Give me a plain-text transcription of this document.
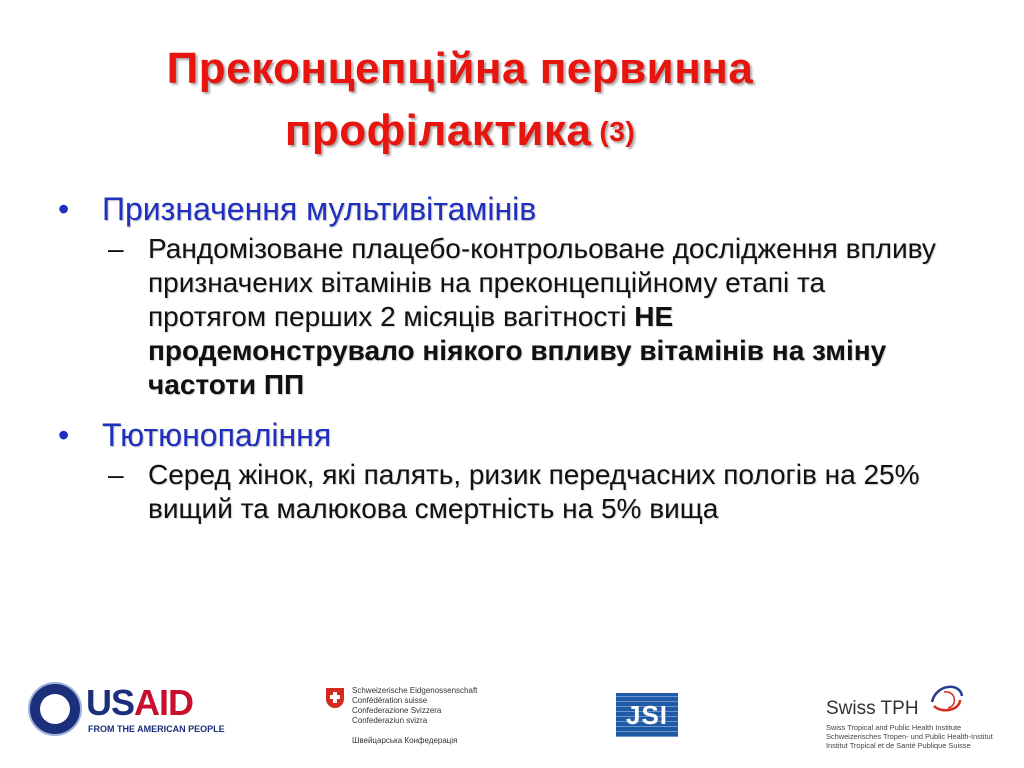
Преконцепційна первинна
профілактика (3)
•	Призначення мультивітамінів
– Рандомізоване плацебо-контрольоване дослідження впливу призначених вітамінів на преконцепційному етапі та протягом перших 2 місяців вагітності НЕ продемонструвало ніякого впливу вітамінів на зміну частоти ПП
•	Тютюнопаління
– Серед жінок, які палять, ризик передчасних пологів на 25% вищий та малюкова смертність на 5% вища
USAID
FROM THE AMERICAN PEOPLE
Schweizerische Eidgenossenschaft
Confédération suisse
Confederazione Svizzera
Confederaziun svizra
Швейцарська Конфедерація
JSI	Swiss TPH
Swiss Tropical and Public Health Institute
Schweizerisches Tropen- und Public Health-Institut
Institut Tropical et de Santé Publique Suisse
